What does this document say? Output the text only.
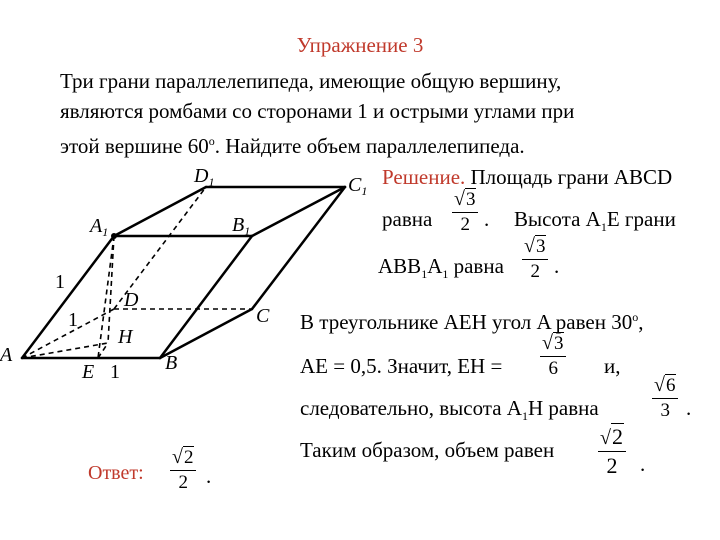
Упражнение 3
Три грани параллелепипеда, имеющие общую вершину,
являются ромбами со сторонами 1 и острыми углами при
этой вершине $60^о$. Найдите объем параллелепипеда.
$D_1$	$C_1$
$A_1$	$B_1$
D
C
H
A
E	B
1
1
1
Решение. Площадь грани ABCD
равна
√3
2 . Высота $A_1E$ грани
$ABB_1A_1$ равна
√3
2 .
В треугольнике AEH угол A равен $30^о$,
AE = 0,5. Значит, EH =
√3
6	и,
следовательно, высота $A_1H$ равна
√6
3 .
Таким образом, объем равен √2
2	.
Ответ:
√2
2 .
